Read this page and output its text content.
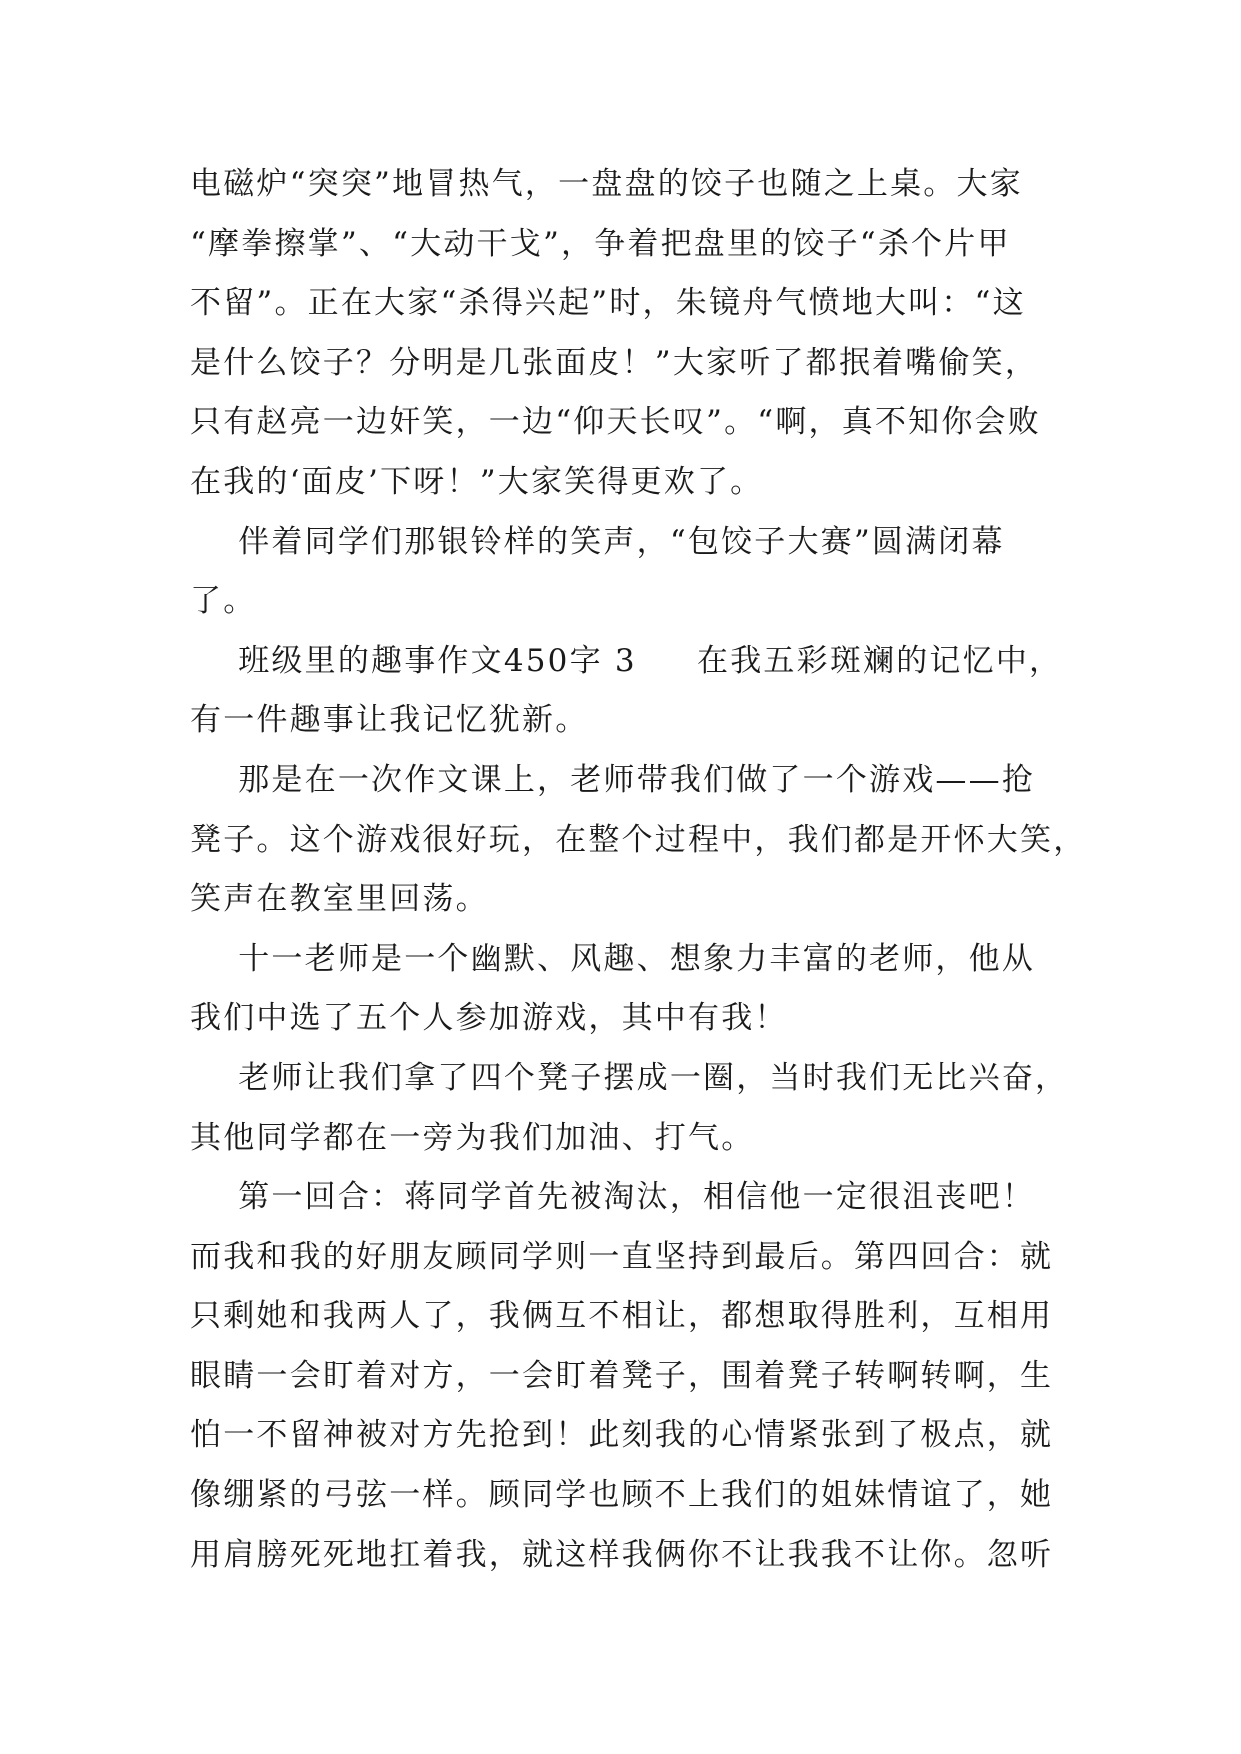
电磁炉“突突”地冒热气，一盘盘的饺子也随之上桌。大家
“摩拳擦掌”、“大动干戈”，争着把盘里的饺子“杀个片甲
不留”。正在大家“杀得兴起”时，朱镜舟气愤地大叫：“这
是什么饺子？分明是几张面皮！”大家听了都抿着嘴偷笑，
只有赵亮一边奸笑，一边“仰天长叹”。“啊，真不知你会败
在我的‘面皮’下呀！”大家笑得更欢了。
伴着同学们那银铃样的笑声，“包饺子大赛”圆满闭幕
了。
班级里的趣事作文450字 3     在我五彩斑斓的记忆中，
有一件趣事让我记忆犹新。
那是在一次作文课上，老师带我们做了一个游戏——抢
凳子。这个游戏很好玩，在整个过程中，我们都是开怀大笑，
笑声在教室里回荡。
十一老师是一个幽默、风趣、想象力丰富的老师，他从
我们中选了五个人参加游戏，其中有我！
老师让我们拿了四个凳子摆成一圈，当时我们无比兴奋，
其他同学都在一旁为我们加油、打气。
第一回合：蒋同学首先被淘汰，相信他一定很沮丧吧！
而我和我的好朋友顾同学则一直坚持到最后。第四回合：就
只剩她和我两人了，我俩互不相让，都想取得胜利，互相用
眼睛一会盯着对方，一会盯着凳子，围着凳子转啊转啊，生
怕一不留神被对方先抢到！此刻我的心情紧张到了极点，就
像绷紧的弓弦一样。顾同学也顾不上我们的姐妹情谊了，她
用肩膀死死地扛着我，就这样我俩你不让我我不让你。忽听
